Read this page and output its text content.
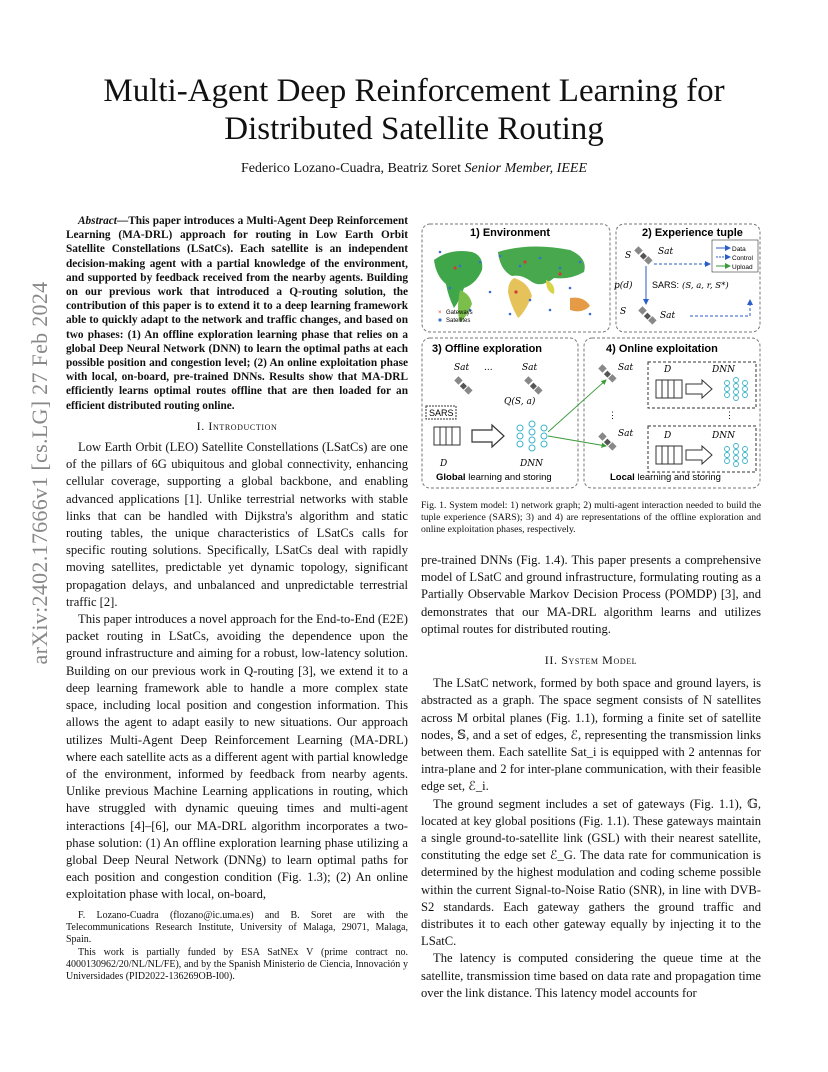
arXiv:2402.17666v1 [cs.LG] 27 Feb 2024
Multi-Agent Deep Reinforcement Learning for Distributed Satellite Routing
Federico Lozano-Cuadra, Beatriz Soret Senior Member, IEEE

Abstract—This paper introduces a Multi-Agent Deep Reinforcement Learning (MA-DRL) approach for routing in Low Earth Orbit Satellite Constellations (LSatCs). Each satellite is an independent decision-making agent with a partial knowledge of the environment, and supported by feedback received from the nearby agents. Building on our previous work that introduced a Q-routing solution, the contribution of this paper is to extend it to a deep learning framework able to quickly adapt to the network and traffic changes, and based on two phases: (1) An offline exploration learning phase that relies on a global Deep Neural Network (DNN) to learn the optimal paths at each possible position and congestion level; (2) An online exploitation phase with local, on-board, pre-trained DNNs. Results show that MA-DRL efficiently learns optimal routes offline that are then loaded for an efficient distributed routing online.

I. Introduction

Low Earth Orbit (LEO) Satellite Constellations (LSatCs) are one of the pillars of 6G ubiquitous and global connectivity, enhancing cellular coverage, supporting a global backbone, and enabling advanced applications [1]. Unlike terrestrial networks with stable links that can be handled with Dijkstra's algorithm and static routing tables, the unique characteristics of LSatCs calls for specific routing solutions. Specifically, LSatCs deal with rapidly moving satellites, predictable yet dynamic topology, significant propagation delays, and unbalanced and unpredictable terrestrial traffic [2].

This paper introduces a novel approach for the End-to-End (E2E) packet routing in LSatCs, avoiding the dependence upon the ground infrastructure and aiming for a robust, low-latency solution. Building on our previous work in Q-routing [3], we extend it to a deep learning framework able to handle a more complex state space, including local position and congestion information. This allows the agent to adapt easily to new situations. Our approach utilizes Multi-Agent Deep Reinforcement Learning (MA-DRL) where each satellite acts as a different agent with partial knowledge of the environment, informed by feedback from nearby agents. Unlike previous Machine Learning applications in routing, which have struggled with dynamic queuing times and multi-agent interactions [4]–[6], our MA-DRL algorithm incorporates a two-phase solution: (1) An offline exploration learning phase utilizing a global Deep Neural Network (DNNg) to learn optimal paths for each position and congestion condition (Fig. 1.3); (2) An online exploitation phase with local, on-board,

F. Lozano-Cuadra (flozano@ic.uma.es) and B. Soret are with the Telecommunications Research Institute, University of Malaga, 29071, Malaga, Spain.

This work is partially funded by ESA SatNEx V (prime contract no. 4000130962/20/NL/NL/FE), and by the Spanish Ministerio de Ciencia, Innovación y Universidades (PID2022-136269OB-I00).

× Gateways
Satellites
1) Environment	2) Experience tuple
Data
Control
Upload
S	Sat
p(d) SARS: (S, a, r, S*)
S	Sat
3) Offline exploration
Sat ...	Sat
Q(S, a)
SARS
D	DNN
Global learning and storing
4) Online exploitation
Sat	D	DNN
⋮	⋮
Sat	D	DNN
Local learning and storing
Fig. 1. System model: 1) network graph; 2) multi-agent interaction needed to build the tuple experience (SARS); 3) and 4) are representations of the offline exploration and online exploitation phases, respectively.

pre-trained DNNs (Fig. 1.4). This paper presents a comprehensive model of LSatC and ground infrastructure, formulating routing as a Partially Observable Markov Decision Process (POMDP) [3], and demonstrates that our MA-DRL algorithm learns and utilizes optimal routes for distributed routing.

II. System Model

The LSatC network, formed by both space and ground layers, is abstracted as a graph. The space segment consists of N satellites across M orbital planes (Fig. 1.1), forming a finite set of satellite nodes, 𝕊, and a set of edges, ℰ, representing the transmission links between them. Each satellite Sat_i is equipped with 2 antennas for intra-plane and 2 for inter-plane communication, with their feasible edge set, ℰ_i.

The ground segment includes a set of gateways (Fig. 1.1), 𝔾, located at key global positions (Fig. 1.1). These gateways maintain a single ground-to-satellite link (GSL) with their nearest satellite, constituting the edge set ℰ_G. The data rate for communication is determined by the highest modulation and coding scheme possible within the current Signal-to-Noise Ratio (SNR), in line with DVB-S2 standards. Each gateway gathers the ground traffic and distributes it to each other gateway equally by injecting it to the LSatC.

The latency is computed considering the queue time at the satellite, transmission time based on data rate and propagation time over the link distance. This latency model accounts for
